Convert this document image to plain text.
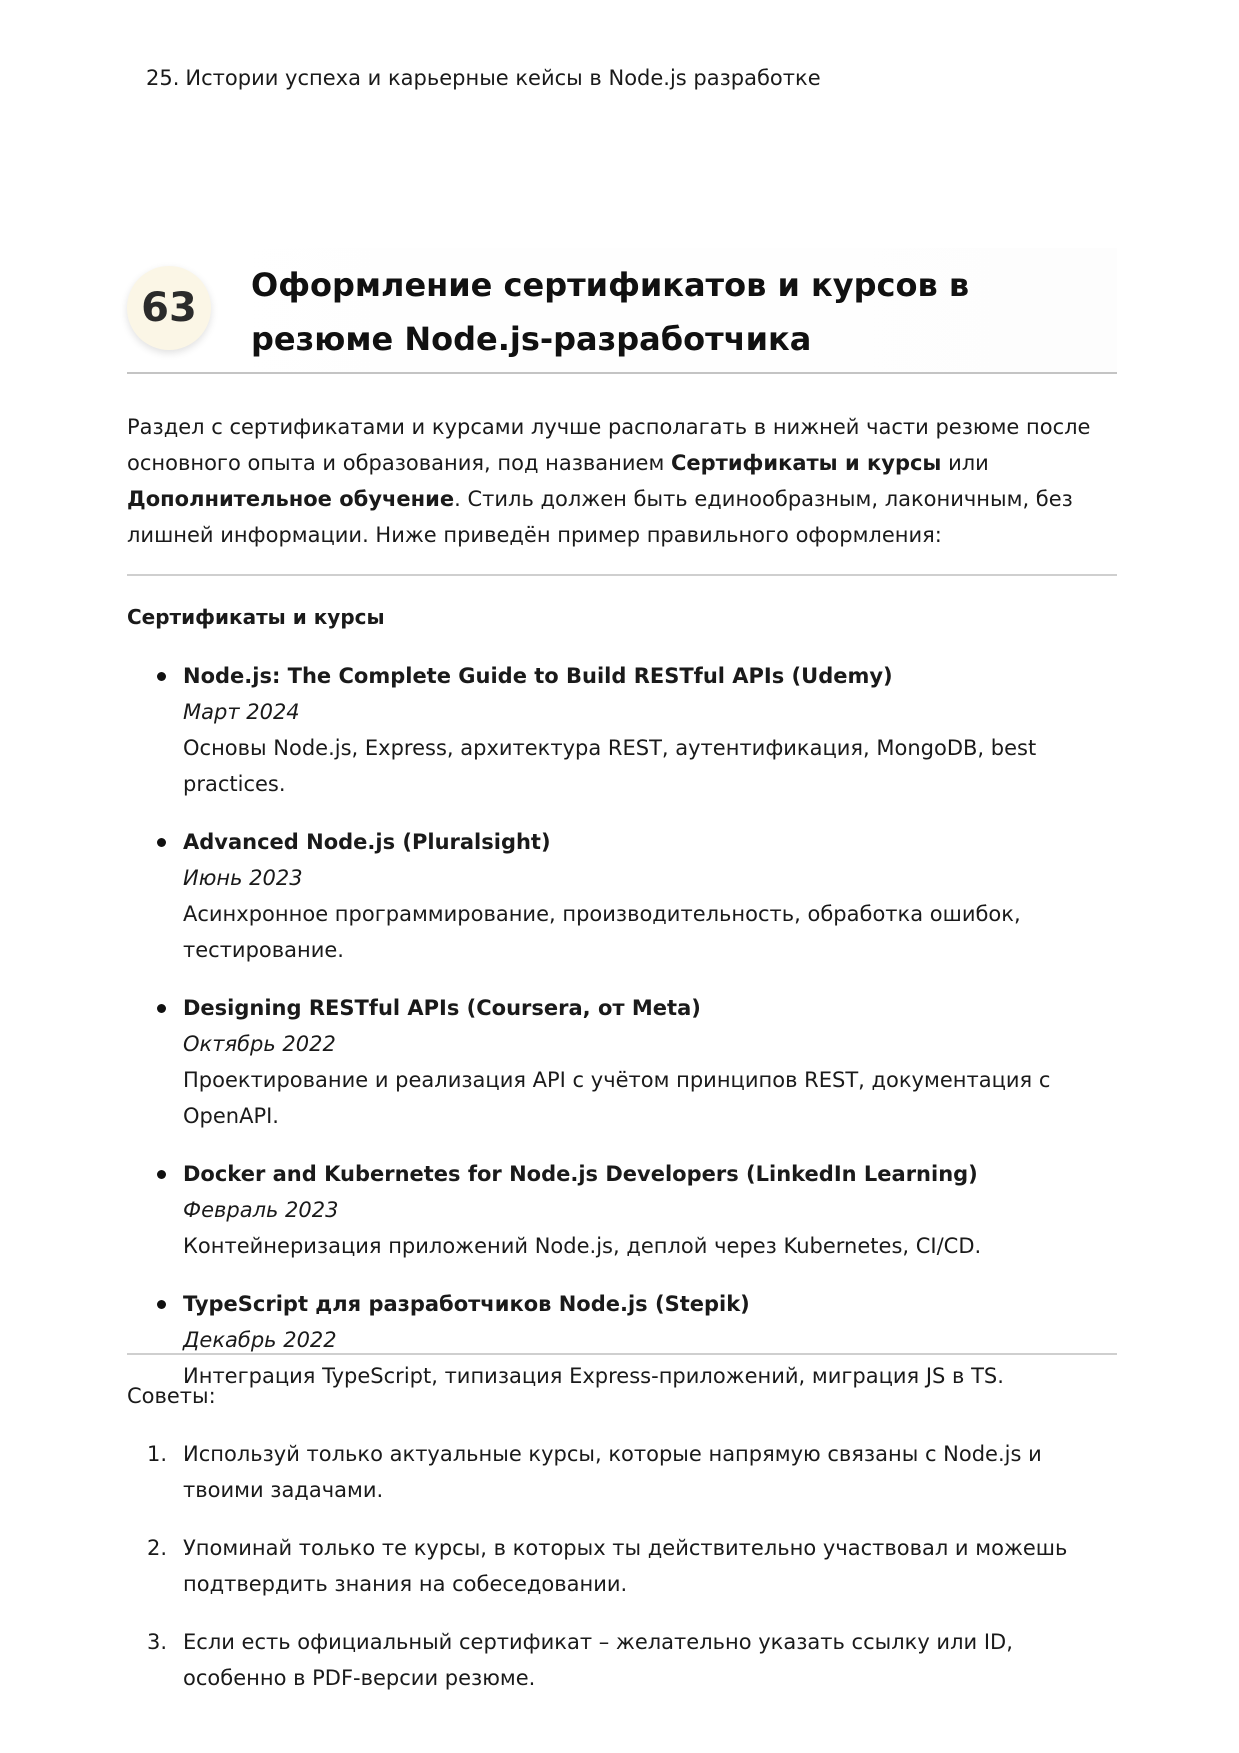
25. Истории успеха и карьерные кейсы в Node.js разработке
63	Оформление сертификатов и курсов в резюме Node.js-разработчика
Раздел с сертификатами и курсами лучше располагать в нижней части резюме после основного опыта и образования, под названием Сертификаты и курсы или Дополнительное обучение. Стиль должен быть единообразным, лаконичным, без лишней информации. Ниже приведён пример правильного оформления:
Сертификаты и курсы
Node.js: The Complete Guide to Build RESTful APIs (Udemy)
Март 2024
Основы Node.js, Express, архитектура REST, аутентификация, MongoDB, best practices.
Advanced Node.js (Pluralsight)
Июнь 2023
Асинхронное программирование, производительность, обработка ошибок, тестирование.
Designing RESTful APIs (Coursera, от Meta)
Октябрь 2022
Проектирование и реализация API с учётом принципов REST, документация с OpenAPI.
Docker and Kubernetes for Node.js Developers (LinkedIn Learning)
Февраль 2023
Контейнеризация приложений Node.js, деплой через Kubernetes, CI/CD.
TypeScript для разработчиков Node.js (Stepik)
Декабрь 2022
Интеграция TypeScript, типизация Express-приложений, миграция JS в TS.
Советы:
1. Используй только актуальные курсы, которые напрямую связаны с Node.js и твоими задачами.
2. Упоминай только те курсы, в которых ты действительно участвовал и можешь подтвердить знания на собеседовании.
3. Если есть официальный сертификат – желательно указать ссылку или ID, особенно в PDF-версии резюме.
